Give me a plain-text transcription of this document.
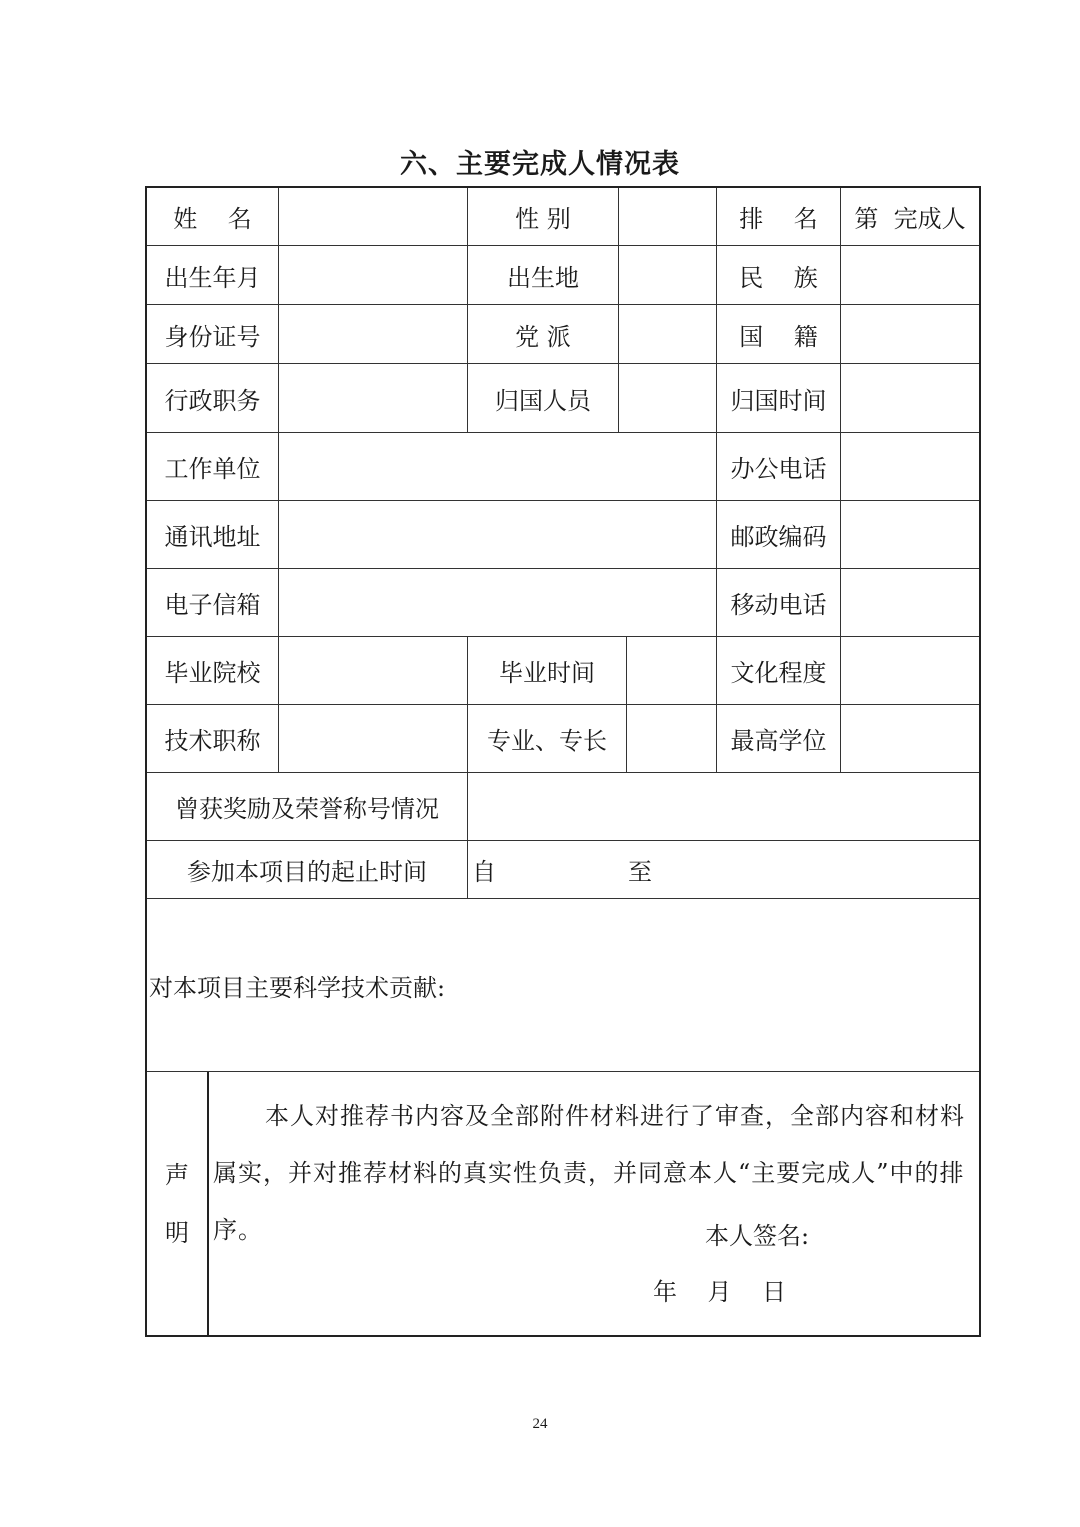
六、主要完成人情况表
姓    名	性 别	排    名	第  完成人
出生年月	出生地	民    族
身份证号	党 派	国    籍
行政职务	归国人员	归国时间
工作单位	办公电话
通讯地址	邮政编码
电子信箱	移动电话
毕业院校	毕业时间	文化程度
技术职称	专业、专长	最高学位
曾获奖励及荣誉称号情况
参加本项目的起止时间	自	至
对本项目主要科学技术贡献:
声
明
本人对推荐书内容及全部附件材料进行了审查，全部内容和材料属实，并对推荐材料的真实性负责，并同意本人“主要完成人”中的排序。	本人签名:
年    月    日
24
